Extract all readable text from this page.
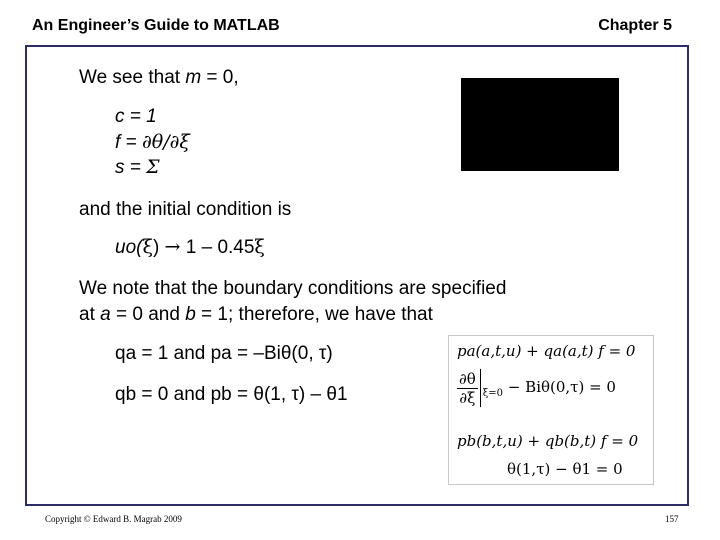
An Engineer’s Guide to MATLAB	Chapter 5
We see that m = 0,
c = 1
f = ∂θ/∂ξ
s = Σ
and the initial condition is
uo(ξ) → 1 – 0.45ξ
We note that the boundary conditions are specified
at a = 0 and b = 1; therefore, we have that
qa = 1 and pa = –Biθ(0, τ)
qb = 0 and pb = θ(1, τ) – θ1
pa(a,t,u) + qa(a,t) f = 0
$\frac{\partial\theta}{\partial\xi} _{\xi=0} - Bi\theta(0,\tau) = 0$
pb(b,t,u) + qb(b,t) f = 0
θ(1,τ) − θ1 = 0
Copyright © Edward B. Magrab 2009	157
